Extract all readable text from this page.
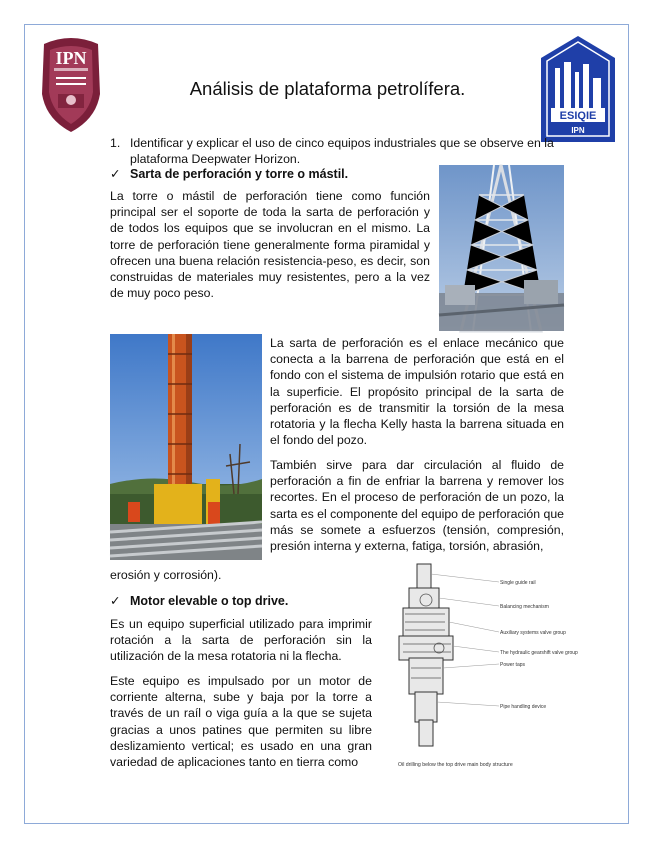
IPN
ESIQIE
IPN
Análisis de plataforma petrolífera.
1. Identificar y explicar el uso de cinco equipos industriales que se observe en la plataforma Deepwater Horizon.
✓ Sarta de perforación y torre o mástil.
La torre o mástil de perforación tiene como función principal ser el soporte de toda la sarta de perforación y de todos los equipos que se involucran en el mismo. La torre de perforación tiene generalmente forma piramidal y ofrecen una buena relación resistencia-peso, es decir, son construidas de materiales muy resistentes, pero a la vez de muy poco peso.
La sarta de perforación es el enlace mecánico que conecta a la barrena de perforación que está en el fondo con el sistema de impulsión rotario que está en la superficie. El propósito principal de la sarta de perforación es de transmitir la torsión de la mesa rotatoria y la flecha Kelly hasta la barrena situada en el fondo del pozo.
También sirve para dar circulación al fluido de perforación a fin de enfriar la barrena y remover los recortes. En el proceso de perforación de un pozo, la sarta es el componente del equipo de perforación que más se somete a esfuerzos (tensión, compresión, presión interna y externa, fatiga, torsión, abrasión,
erosión y corrosión).
✓ Motor elevable o top drive.
Es un equipo superficial utilizado para imprimir rotación a la sarta de perforación sin la utilización de la mesa rotatoria ni la flecha.
Este equipo es impulsado por un motor de corriente alterna, sube y baja por la torre a través de un raíl o viga guía a la que se sujeta gracias a unos patines que permiten su libre deslizamiento vertical; es usado en una gran variedad de aplicaciones tanto en tierra como
Single guide rail
Balancing mechanism
Auxiliary systems valve group
The hydraulic gearshift valve group
Power taps
Pipe handling device
Oil drilling below the top drive main body structure
